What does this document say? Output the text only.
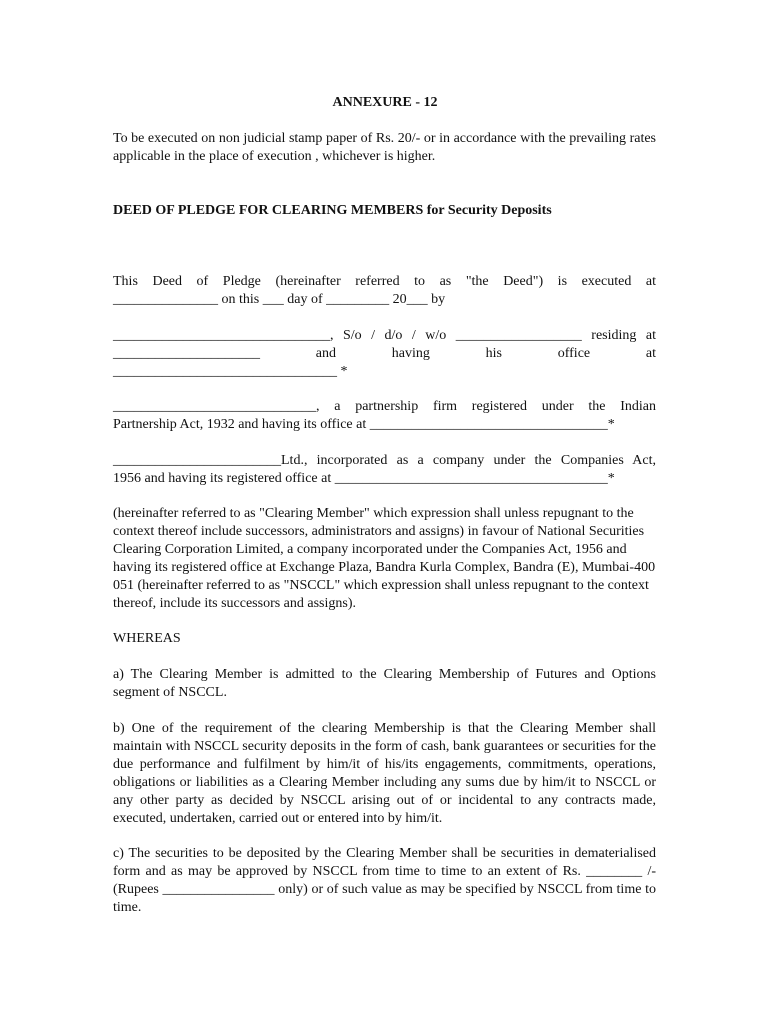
ANNEXURE - 12

To be executed on non judicial stamp paper of Rs. 20/- or in accordance with the prevailing rates applicable in the place of execution , whichever is higher.

DEED OF PLEDGE FOR CLEARING MEMBERS for Security Deposits

This Deed of Pledge (hereinafter referred to as "the Deed") is executed at
_______________ on this ___ day of _________ 20___ by
_______________________________, S/o / d/o / w/o __________________ residing at
_____________________ and having his office at
________________________________ *
_____________________________, a partnership firm registered under the Indian
Partnership Act, 1932 and having its office at __________________________________*
________________________Ltd., incorporated as a company under the Companies Act,
1956 and having its registered office at _______________________________________*

(hereinafter referred to as "Clearing Member" which expression shall unless repugnant to the context thereof include successors, administrators and assigns) in favour of National Securities Clearing Corporation Limited, a company incorporated under the Companies Act, 1956 and having its registered office at Exchange Plaza, Bandra Kurla Complex, Bandra (E), Mumbai-400 051 (hereinafter referred to as "NSCCL" which expression shall unless repugnant to the context thereof, include its successors and assigns).

WHEREAS

a) The Clearing Member is admitted to the Clearing Membership of Futures and Options segment of NSCCL.

b) One of the requirement of the clearing Membership is that the Clearing Member shall maintain with NSCCL security deposits in the form of cash, bank guarantees or securities for the due performance and fulfilment by him/it of his/its engagements, commitments, operations, obligations or liabilities as a Clearing Member including any sums due by him/it to NSCCL or any other party as decided by NSCCL arising out of or incidental to any contracts made, executed, undertaken, carried out or entered into by him/it.

c) The securities to be deposited by the Clearing Member shall be securities in dematerialised form and as may be approved by NSCCL from time to time to an extent of Rs. ________ /- (Rupees ________________ only) or of such value as may be specified by NSCCL from time to time.
